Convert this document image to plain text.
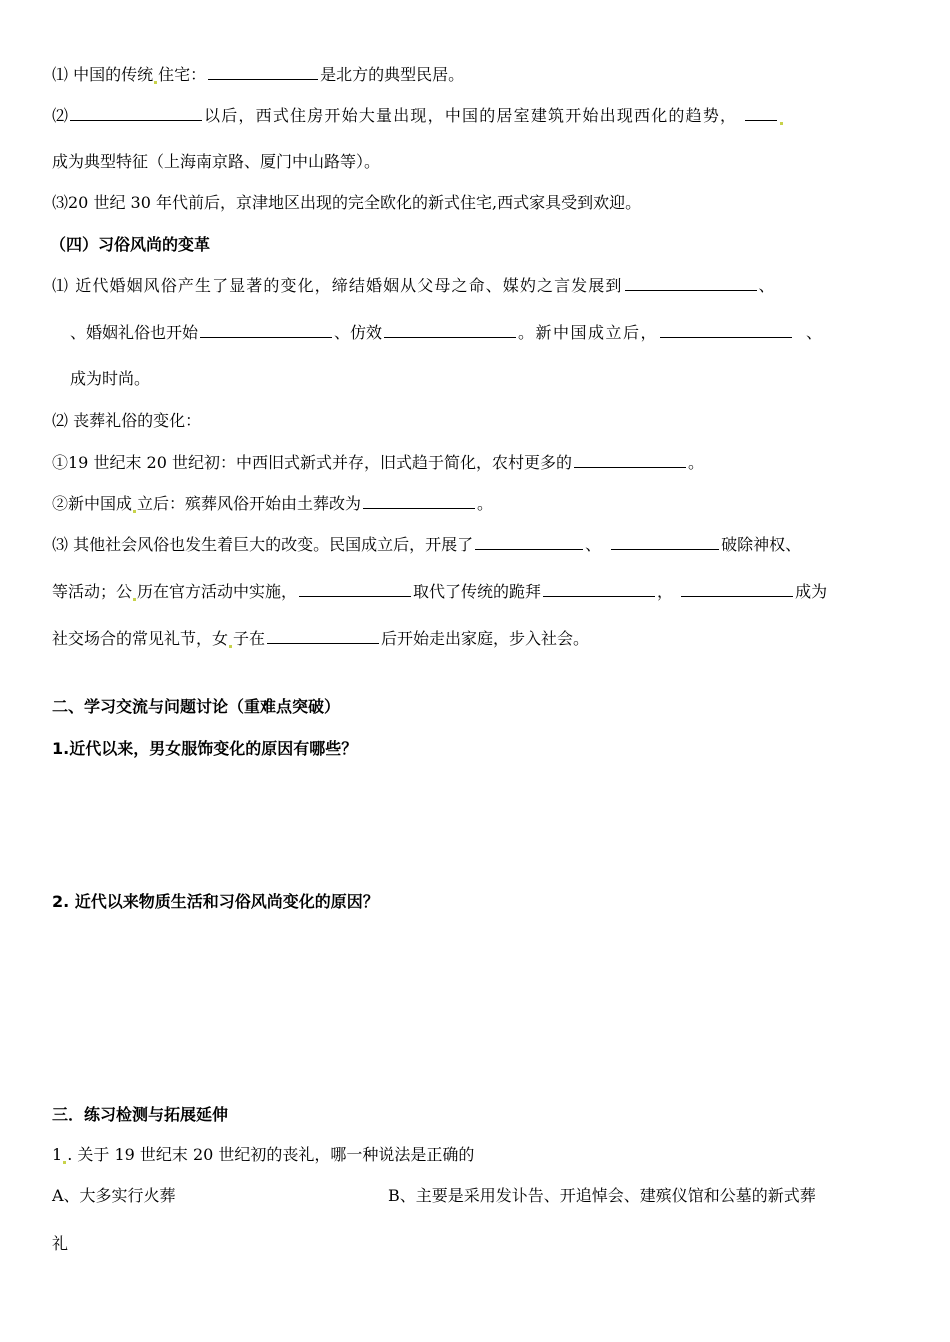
⑴ 中国的传统 住宅：	是北方的典型民居。
⑵	以后，西式住房开始大量出现，中国的居室建筑开始出现西化的趋势，
成为典型特征（上海南京路、厦门中山路等）。
⑶20 世纪 30 年代前后，京津地区出现的完全欧化的新式住宅,西式家具受到欢迎。
（四）习俗风尚的变革
⑴ 近代婚姻风俗产生了显著的变化，缔结婚姻从父母之命、媒妁之言发展到	、
、婚姻礼俗也开始	、仿效	。新中国成立后，	、
成为时尚。
⑵ 丧葬礼俗的变化：
①19 世纪末 20 世纪初：中西旧式新式并存，旧式趋于简化，农村更多的	。
②新中国成 立后：殡葬风俗开始由土葬改为	。
⑶ 其他社会风俗也发生着巨大的改变。民国成立后，开展了	、	破除神权、
等活动；公 历在官方活动中实施，	取代了传统的跪拜	，	成为
社交场合的常见礼节，女 子在	后开始走出家庭，步入社会。
二、学习交流与问题讨论（重难点突破）
1.近代以来，男女服饰变化的原因有哪些？
2. 近代以来物质生活和习俗风尚变化的原因？
三．练习检测与拓展延伸
1 . 关于 19 世纪末 20 世纪初的丧礼，哪一种说法是正确的
A、大多实行火葬	B、主要是采用发讣告、开追悼会、建殡仪馆和公墓的新式葬
礼
